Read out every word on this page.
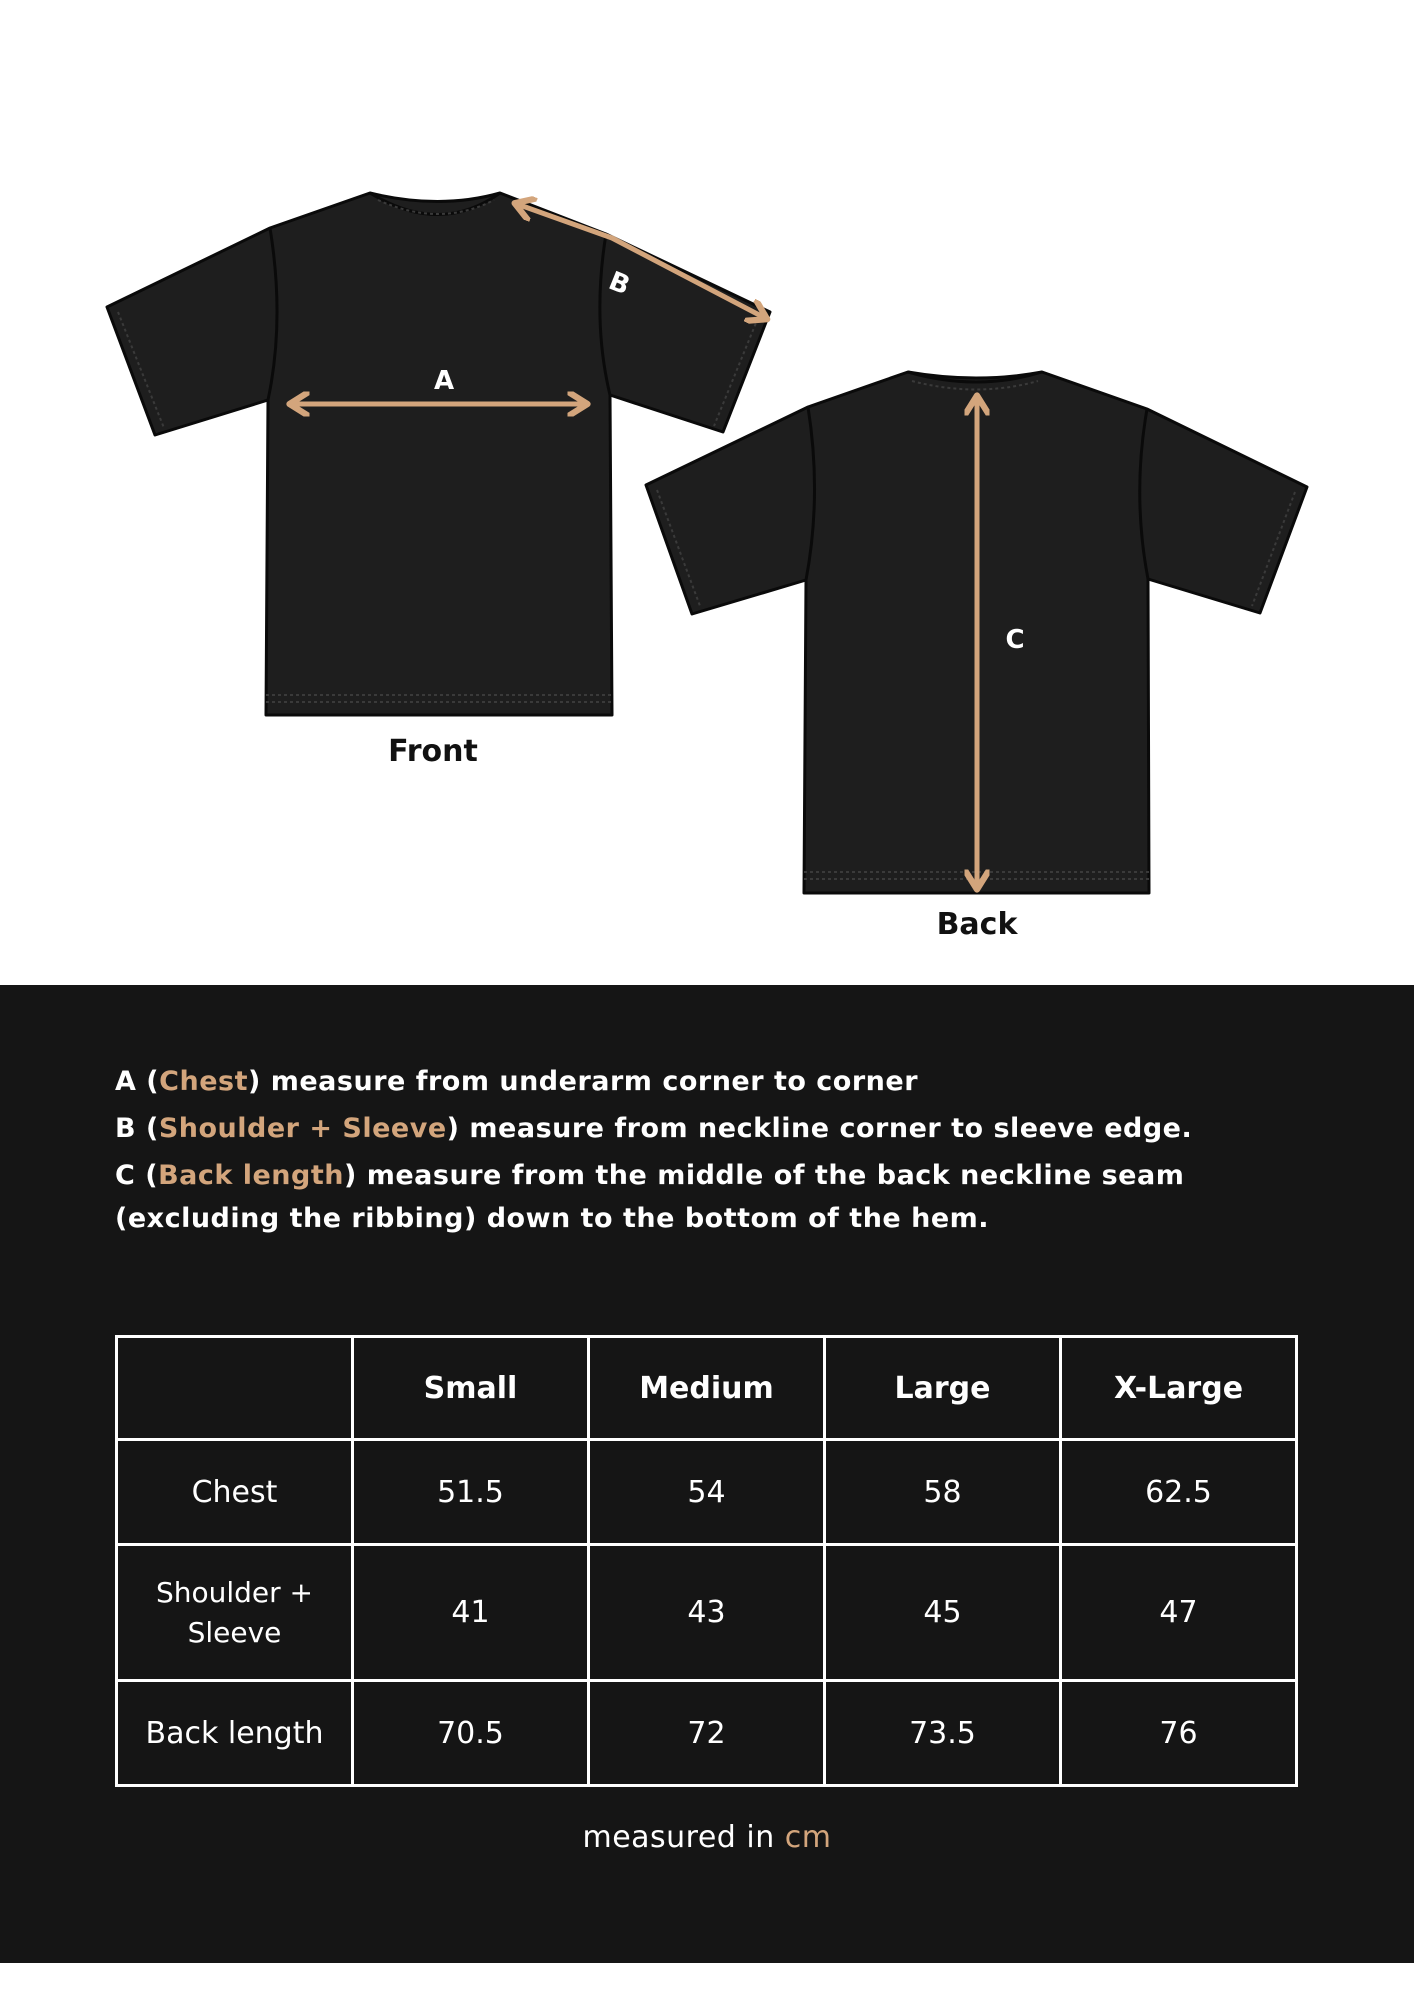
A
B
C
Front
Back

A (Chest) measure from underarm corner to corner

B (Shoulder + Sleeve) measure from neckline corner to sleeve edge.

C (Back length) measure from the middle of the back neckline seam (excluding the ribbing) down to the bottom of the hem.

	Small	Medium	Large	X-Large
Chest	51.5	54	58	62.5
Shoulder + Sleeve	41	43	45	47
Back length	70.5	72	73.5	76
measured in cm
